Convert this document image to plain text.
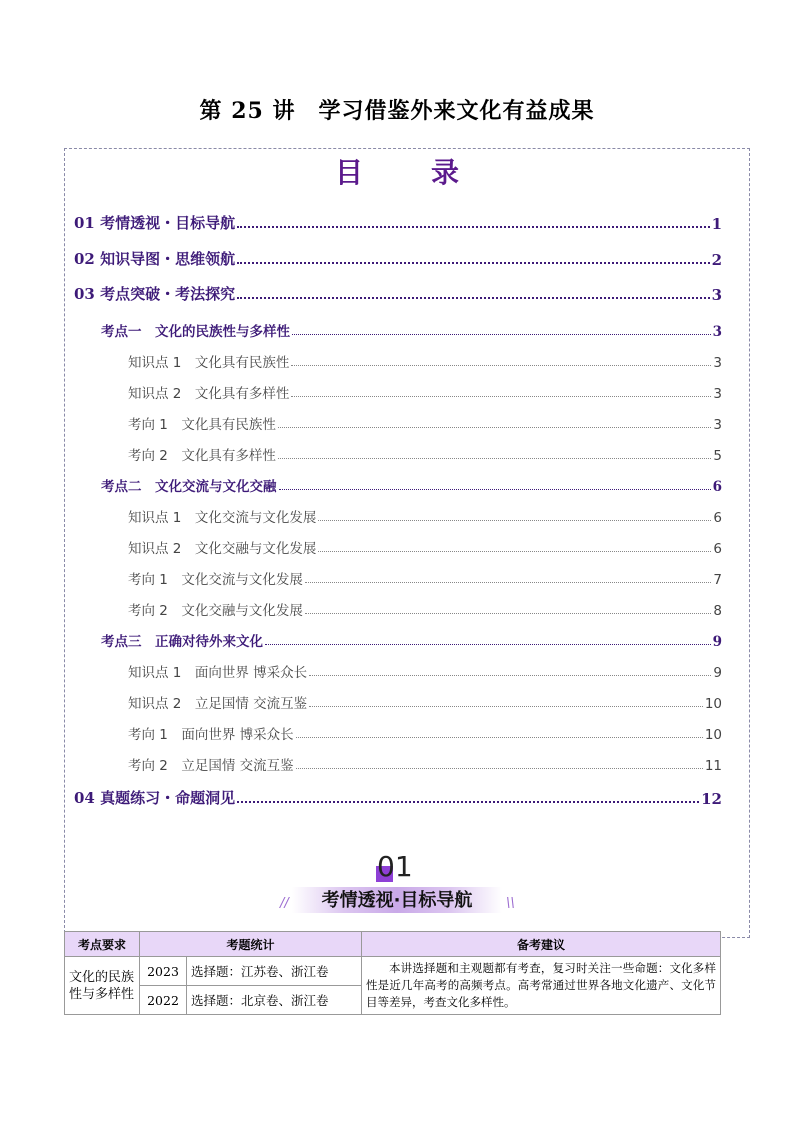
第 25 讲　学习借鉴外来文化有益成果
目　录
01 考情透视・目标导航	1
02 知识导图・思维领航	2
03 考点突破・考法探究	3
考点一　文化的民族性与多样性	3
知识点 1　文化具有民族性	3
知识点 2　文化具有多样性	3
考向 1　文化具有民族性	3
考向 2　文化具有多样性	5
考点二　文化交流与文化交融	6
知识点 1　文化交流与文化发展	6
知识点 2　文化交融与文化发展	6
考向 1　文化交流与文化发展	7
考向 2　文化交融与文化发展	8
考点三　正确对待外来文化	9
知识点 1　面向世界 博采众长	9
知识点 2　立足国情 交流互鉴	10
考向 1　面向世界 博采众长	10
考向 2　立足国情 交流互鉴	11
04 真题练习・命题洞见	12
01
考情透视·目标导航
//	\\
考点要求	考题统计		备考建议
文化的民族性与多样性	2023	选择题：江苏卷、浙江卷	本讲选择题和主观题都有考查，复习时关注一些命题：文化多样性是近几年高考的高频考点。高考常通过世界各地文化遗产、文化节目等差异，考查文化多样性。
	2022	选择题：北京卷、浙江卷	
